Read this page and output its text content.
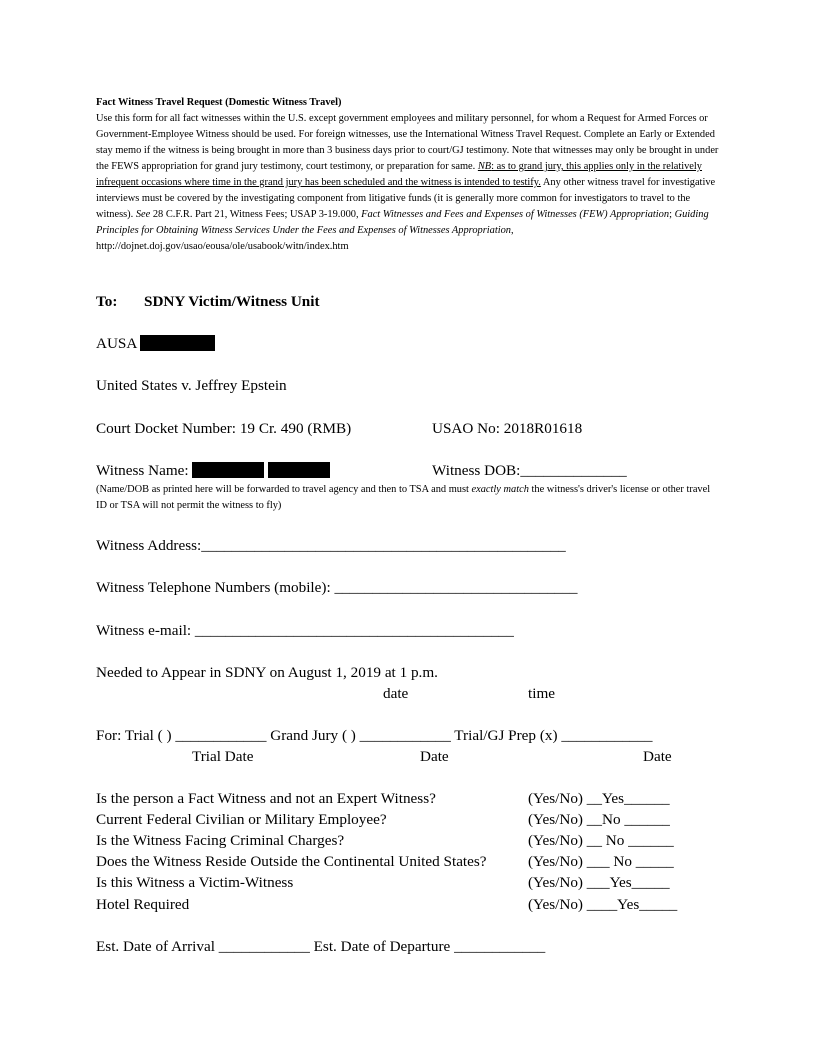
Fact Witness Travel Request (Domestic Witness Travel)
Use this form for all fact witnesses within the U.S. except government employees and military personnel, for whom a Request for Armed Forces or Government-Employee Witness should be used. For foreign witnesses, use the International Witness Travel Request. Complete an Early or Extended stay memo if the witness is being brought in more than 3 business days prior to court/GJ testimony. Note that witnesses may only be brought in under the FEWS appropriation for grand jury testimony, court testimony, or preparation for same. NB: as to grand jury, this applies only in the relatively infrequent occasions where time in the grand jury has been scheduled and the witness is intended to testify. Any other witness travel for investigative interviews must be covered by the investigating component from litigative funds (it is generally more common for investigators to travel to the witness). See 28 C.F.R. Part 21, Witness Fees; USAP 3-19.000, Fact Witnesses and Fees and Expenses of Witnesses (FEW) Appropriation; Guiding Principles for Obtaining Witness Services Under the Fees and Expenses of Witnesses Appropriation, http://dojnet.doj.gov/usao/eousa/ole/usabook/witn/index.htm
To: SDNY Victim/Witness Unit
AUSA
United States v. Jeffrey Epstein
Court Docket Number: 19 Cr. 490 (RMB)	USAO No: 2018R01618
Witness Name:	Witness DOB:______________
(Name/DOB as printed here will be forwarded to travel agency and then to TSA and must exactly match the witness's driver's license or other travel ID or TSA will not permit the witness to fly)
Witness Address:________________________________________________
Witness Telephone Numbers (mobile): ________________________________
Witness e-mail: __________________________________________
Needed to Appear in SDNY on August 1, 2019 at 1 p.m.
date	time
For: Trial ( ) ____________ Grand Jury ( ) ____________ Trial/GJ Prep (x) ____________
Trial Date	Date	Date
Is the person a Fact Witness and not an Expert Witness?	(Yes/No) __Yes______
Current Federal Civilian or Military Employee?	(Yes/No) __No ______
Is the Witness Facing Criminal Charges?	(Yes/No) __ No ______
Does the Witness Reside Outside the Continental United States?	(Yes/No) ___ No _____
Is this Witness a Victim-Witness	(Yes/No) ___Yes_____
Hotel Required	(Yes/No) ____Yes_____
Est. Date of Arrival ____________ Est. Date of Departure ____________
